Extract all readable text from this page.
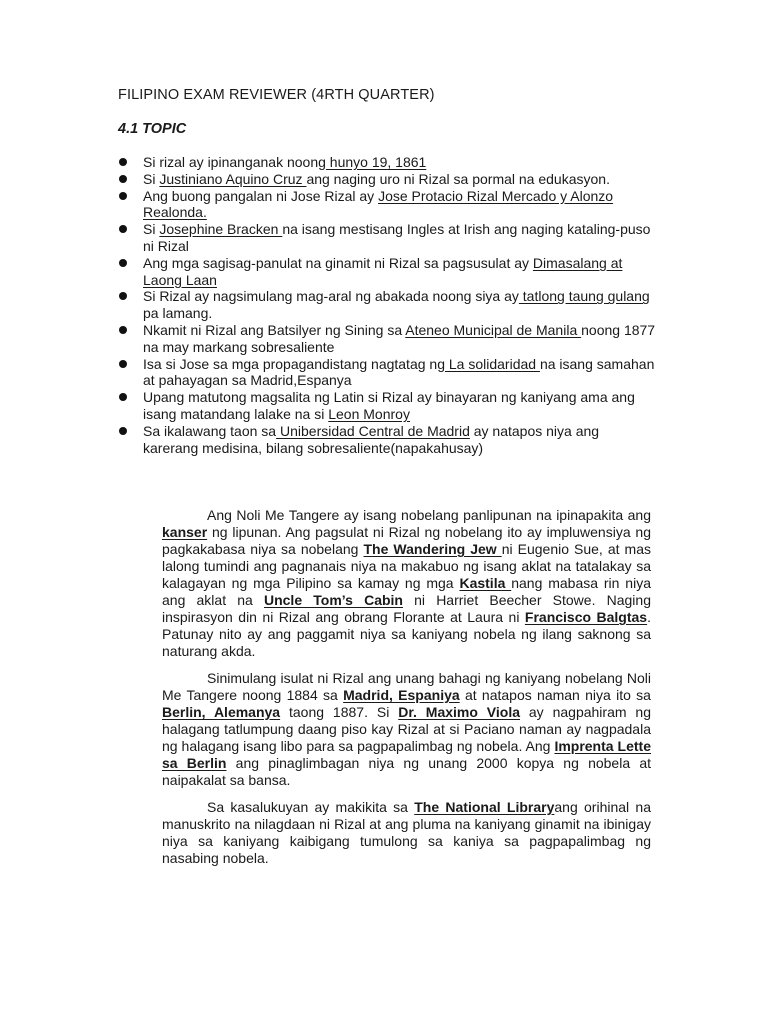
FILIPINO EXAM REVIEWER (4RTH QUARTER)
4.1 TOPIC
Si rizal ay ipinanganak noong hunyo 19, 1861
Si Justiniano Aquino Cruz ang naging uro ni Rizal sa pormal na edukasyon.
Ang buong pangalan ni Jose Rizal ay Jose Protacio Rizal Mercado y Alonzo Realonda.
Si Josephine Bracken na isang mestisang Ingles at Irish ang naging kataling-puso ni Rizal
Ang mga sagisag-panulat na ginamit ni Rizal sa pagsusulat ay Dimasalang at Laong Laan
Si Rizal ay nagsimulang mag-aral ng abakada noong siya ay tatlong taung gulang pa lamang.
Nkamit ni Rizal ang Batsilyer ng Sining sa Ateneo Municipal de Manila noong 1877 na may markang sobresaliente
Isa si Jose sa mga propagandistang nagtatag ng La solidaridad na isang samahan at pahayagan sa Madrid,Espanya
Upang matutong magsalita ng Latin si Rizal ay binayaran ng kaniyang ama ang isang matandang lalake na si Leon Monroy
Sa ikalawang taon sa Unibersidad Central de Madrid ay natapos niya ang karerang medisina, bilang sobresaliente(napakahusay)

Ang Noli Me Tangere ay isang nobelang panlipunan na ipinapakita ang kanser ng lipunan. Ang pagsulat ni Rizal ng nobelang ito ay impluwensiya ng pagkakabasa niya sa nobelang The Wandering Jew ni Eugenio Sue, at mas lalong tumindi ang pagnanais niya na makabuo ng isang aklat na tatalakay sa kalagayan ng mga Pilipino sa kamay ng mga Kastila nang mabasa rin niya ang aklat na Uncle Tom’s Cabin ni Harriet Beecher Stowe. Naging inspirasyon din ni Rizal ang obrang Florante at Laura ni Francisco Balgtas. Patunay nito ay ang paggamit niya sa kaniyang nobela ng ilang saknong sa naturang akda.

Sinimulang isulat ni Rizal ang unang bahagi ng kaniyang nobelang Noli Me Tangere noong 1884 sa Madrid, Espaniya at natapos naman niya ito sa Berlin, Alemanya taong 1887. Si Dr. Maximo Viola ay nagpahiram ng halagang tatlumpung daang piso kay Rizal at si Paciano naman ay nagpadala ng halagang isang libo para sa pagpapalimbag ng nobela. Ang Imprenta Lette sa Berlin ang pinaglimbagan niya ng unang 2000 kopya ng nobela at naipakalat sa bansa.

Sa kasalukuyan ay makikita sa The National Libraryang orihinal na manuskrito na nilagdaan ni Rizal at ang pluma na kaniyang ginamit na ibinigay niya sa kaniyang kaibigang tumulong sa kaniya sa pagpapalimbag ng nasabing nobela.
